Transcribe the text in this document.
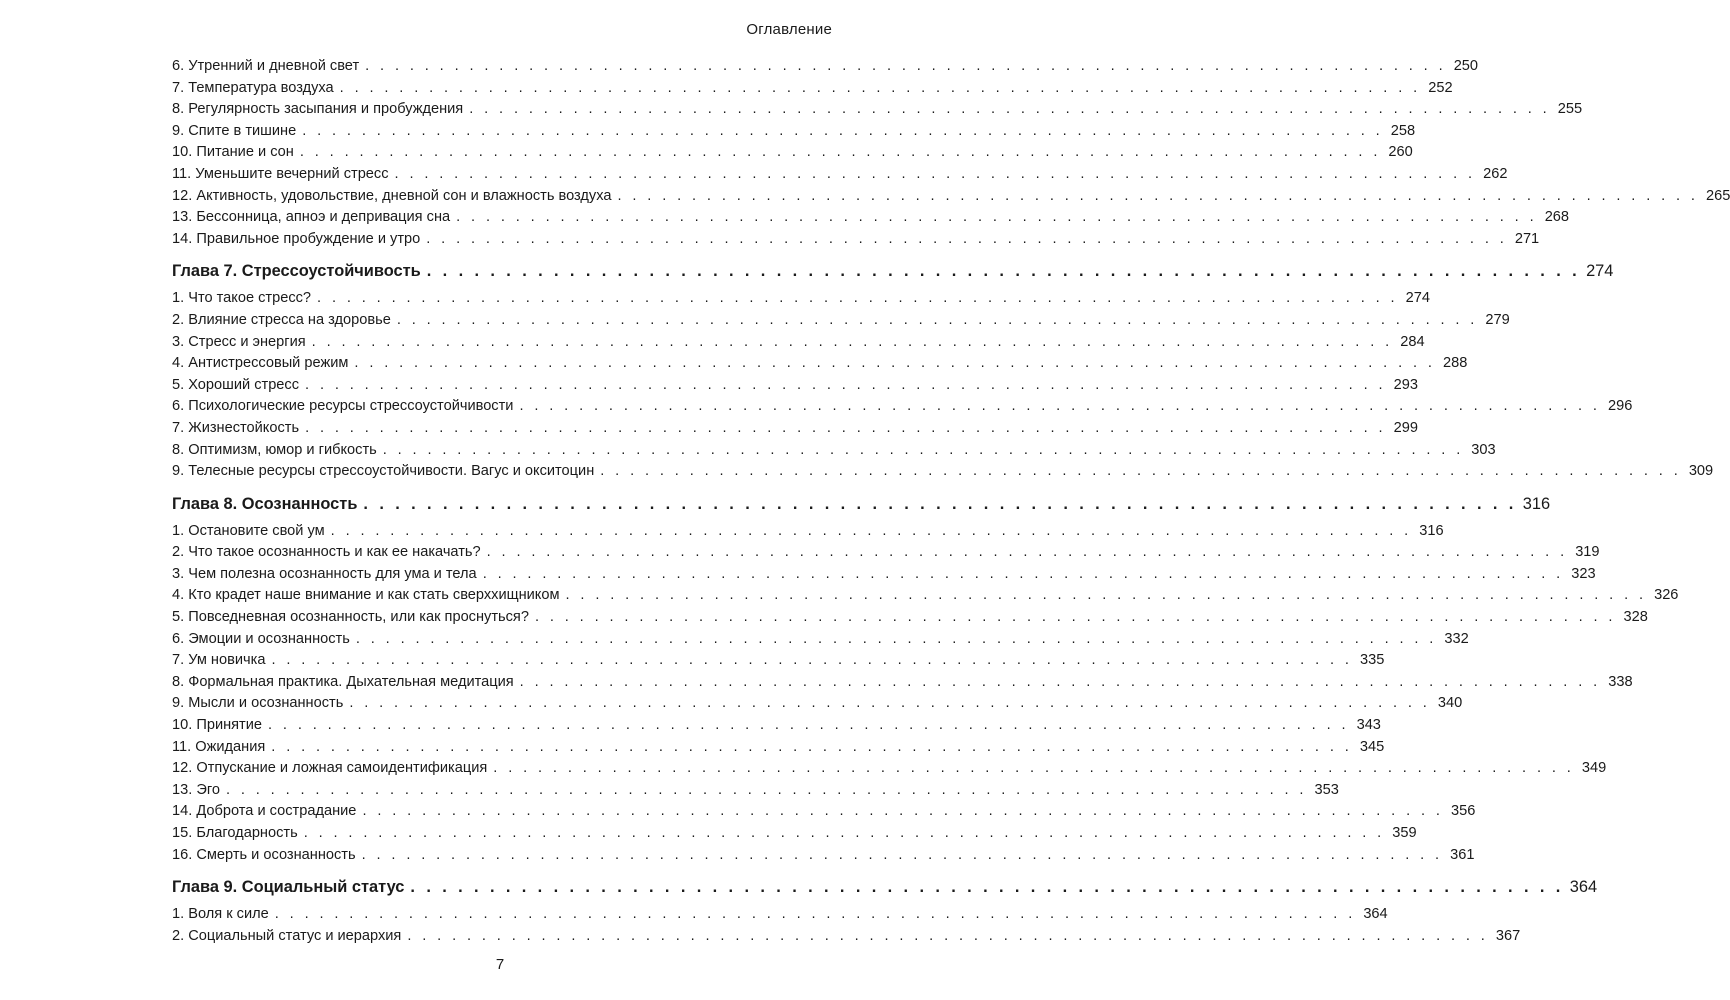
Оглавление
6. Утренний и дневной свет . . . . . . . . . . . . . . . . . . . . . . . . . . . . . . . . . . . . . . . . . . . . . . . . . . . . . . . . . . . . . . . . . . . . . . . . . 250
7. Температура воздуха . . . . . . . . . . . . . . . . . . . . . . . . . . . . . . . . . . . . . . . . . . . . . . . . . . . . . . . . . . . . . . . . . . . . . . . . . 252
8. Регулярность засыпания и пробуждения . . . . . . . . . . . . . . . . . . . . . . . . . . . . . . . . . . . . . . . . . . . . . . . . . . . . . . . . . . . . . . . . . . . . . . . . . 255
9. Спите в тишине . . . . . . . . . . . . . . . . . . . . . . . . . . . . . . . . . . . . . . . . . . . . . . . . . . . . . . . . . . . . . . . . . . . . . . . . . 258
10. Питание и сон . . . . . . . . . . . . . . . . . . . . . . . . . . . . . . . . . . . . . . . . . . . . . . . . . . . . . . . . . . . . . . . . . . . . . . . . . 260
11. Уменьшите вечерний стресс . . . . . . . . . . . . . . . . . . . . . . . . . . . . . . . . . . . . . . . . . . . . . . . . . . . . . . . . . . . . . . . . . . . . . . . . . 262
12. Активность, удовольствие, дневной сон и влажность воздуха . . . . . . . . . . . . . . . . . . . . . . . . . . . . . . . . . . . . . . . . . . . . . . . . . . . . . . . . . . . . . . . . . . . . . . . . . 265
13. Бессонница, апноэ и депривация сна . . . . . . . . . . . . . . . . . . . . . . . . . . . . . . . . . . . . . . . . . . . . . . . . . . . . . . . . . . . . . . . . . . . . . . . . . 268
14. Правильное пробуждение и утро . . . . . . . . . . . . . . . . . . . . . . . . . . . . . . . . . . . . . . . . . . . . . . . . . . . . . . . . . . . . . . . . . . . . . . . . . 271
Глава 7. Стрессоустойчивость . . . . . . . . . . . . . . . . . . . . . . . . . . . . . . . . . . . . . . . . . . . . . . . . . . . . . . . . . . . . . . . . . . . . . . . . . 274
1. Что такое стресс? . . . . . . . . . . . . . . . . . . . . . . . . . . . . . . . . . . . . . . . . . . . . . . . . . . . . . . . . . . . . . . . . . . . . . . . . . 274
2. Влияние стресса на здоровье . . . . . . . . . . . . . . . . . . . . . . . . . . . . . . . . . . . . . . . . . . . . . . . . . . . . . . . . . . . . . . . . . . . . . . . . . 279
3. Стресс и энергия . . . . . . . . . . . . . . . . . . . . . . . . . . . . . . . . . . . . . . . . . . . . . . . . . . . . . . . . . . . . . . . . . . . . . . . . . 284
4. Антистрессовый режим . . . . . . . . . . . . . . . . . . . . . . . . . . . . . . . . . . . . . . . . . . . . . . . . . . . . . . . . . . . . . . . . . . . . . . . . . 288
5. Хороший стресс . . . . . . . . . . . . . . . . . . . . . . . . . . . . . . . . . . . . . . . . . . . . . . . . . . . . . . . . . . . . . . . . . . . . . . . . . 293
6. Психологические ресурсы стрессоустойчивости . . . . . . . . . . . . . . . . . . . . . . . . . . . . . . . . . . . . . . . . . . . . . . . . . . . . . . . . . . . . . . . . . . . . . . . . . 296
7. Жизнестойкость . . . . . . . . . . . . . . . . . . . . . . . . . . . . . . . . . . . . . . . . . . . . . . . . . . . . . . . . . . . . . . . . . . . . . . . . . 299
8. Оптимизм, юмор и гибкость . . . . . . . . . . . . . . . . . . . . . . . . . . . . . . . . . . . . . . . . . . . . . . . . . . . . . . . . . . . . . . . . . . . . . . . . . 303
9. Телесные ресурсы стрессоустойчивости. Вагус и окситоцин . . . . . . . . . . . . . . . . . . . . . . . . . . . . . . . . . . . . . . . . . . . . . . . . . . . . . . . . . . . . . . . . . . . . . . . . . 309
Глава 8. Осознанность . . . . . . . . . . . . . . . . . . . . . . . . . . . . . . . . . . . . . . . . . . . . . . . . . . . . . . . . . . . . . . . . . . . . . . . . . 316
1. Остановите свой ум . . . . . . . . . . . . . . . . . . . . . . . . . . . . . . . . . . . . . . . . . . . . . . . . . . . . . . . . . . . . . . . . . . . . . . . . . 316
2. Что такое осознанность и как ее накачать? . . . . . . . . . . . . . . . . . . . . . . . . . . . . . . . . . . . . . . . . . . . . . . . . . . . . . . . . . . . . . . . . . . . . . . . . . 319
3. Чем полезна осознанность для ума и тела . . . . . . . . . . . . . . . . . . . . . . . . . . . . . . . . . . . . . . . . . . . . . . . . . . . . . . . . . . . . . . . . . . . . . . . . . 323
4. Кто крадет наше внимание и как стать сверххищником . . . . . . . . . . . . . . . . . . . . . . . . . . . . . . . . . . . . . . . . . . . . . . . . . . . . . . . . . . . . . . . . . . . . . . . . . 326
5. Повседневная осознанность, или как проснуться? . . . . . . . . . . . . . . . . . . . . . . . . . . . . . . . . . . . . . . . . . . . . . . . . . . . . . . . . . . . . . . . . . . . . . . . . . 328
6. Эмоции и осознанность . . . . . . . . . . . . . . . . . . . . . . . . . . . . . . . . . . . . . . . . . . . . . . . . . . . . . . . . . . . . . . . . . . . . . . . . . 332
7. Ум новичка . . . . . . . . . . . . . . . . . . . . . . . . . . . . . . . . . . . . . . . . . . . . . . . . . . . . . . . . . . . . . . . . . . . . . . . . . 335
8. Формальная практика. Дыхательная медитация . . . . . . . . . . . . . . . . . . . . . . . . . . . . . . . . . . . . . . . . . . . . . . . . . . . . . . . . . . . . . . . . . . . . . . . . . 338
9. Мысли и осознанность . . . . . . . . . . . . . . . . . . . . . . . . . . . . . . . . . . . . . . . . . . . . . . . . . . . . . . . . . . . . . . . . . . . . . . . . . 340
10. Принятие . . . . . . . . . . . . . . . . . . . . . . . . . . . . . . . . . . . . . . . . . . . . . . . . . . . . . . . . . . . . . . . . . . . . . . . . . 343
11. Ожидания . . . . . . . . . . . . . . . . . . . . . . . . . . . . . . . . . . . . . . . . . . . . . . . . . . . . . . . . . . . . . . . . . . . . . . . . . 345
12. Отпускание и ложная самоидентификация . . . . . . . . . . . . . . . . . . . . . . . . . . . . . . . . . . . . . . . . . . . . . . . . . . . . . . . . . . . . . . . . . . . . . . . . . 349
13. Эго . . . . . . . . . . . . . . . . . . . . . . . . . . . . . . . . . . . . . . . . . . . . . . . . . . . . . . . . . . . . . . . . . . . . . . . . . 353
14. Доброта и сострадание . . . . . . . . . . . . . . . . . . . . . . . . . . . . . . . . . . . . . . . . . . . . . . . . . . . . . . . . . . . . . . . . . . . . . . . . . 356
15. Благодарность . . . . . . . . . . . . . . . . . . . . . . . . . . . . . . . . . . . . . . . . . . . . . . . . . . . . . . . . . . . . . . . . . . . . . . . . . 359
16. Смерть и осознанность . . . . . . . . . . . . . . . . . . . . . . . . . . . . . . . . . . . . . . . . . . . . . . . . . . . . . . . . . . . . . . . . . . . . . . . . . 361
Глава 9. Социальный статус . . . . . . . . . . . . . . . . . . . . . . . . . . . . . . . . . . . . . . . . . . . . . . . . . . . . . . . . . . . . . . . . . . . . . . . . . 364
1. Воля к силе . . . . . . . . . . . . . . . . . . . . . . . . . . . . . . . . . . . . . . . . . . . . . . . . . . . . . . . . . . . . . . . . . . . . . . . . . 364
2. Социальный статус и иерархия . . . . . . . . . . . . . . . . . . . . . . . . . . . . . . . . . . . . . . . . . . . . . . . . . . . . . . . . . . . . . . . . . . . . . . . . . 367
7
